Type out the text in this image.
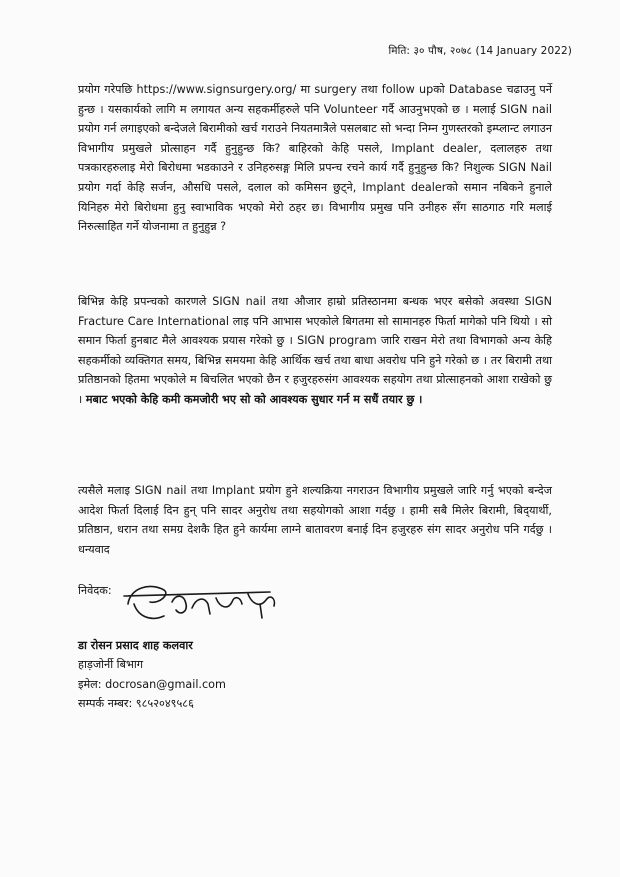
मिति: ३० पौष, २०७८ (14 January 2022)

प्रयोग गरेपछि https://www.signsurgery.org/ मा surgery तथा follow upको Database चढाउनु पर्ने हुन्छ । यसकार्यको लागि म लगायत अन्य सहकर्मीहरुले पनि Volunteer गर्दै आउनुभएको छ । मलाई SIGN nail प्रयोग गर्न लगाइएको बन्देजले बिरामीको खर्च गराउने नियतमात्रैले पसलबाट सो भन्दा निम्न गुणस्तरको इम्प्लान्ट लगाउन विभागीय प्रमुखले प्रोत्साहन गर्दै हुनुहुन्छ कि? बाहिरको केहि पसले, Implant dealer, दलालहरु तथा पत्रकारहरुलाइ मेरो बिरोधमा भडकाउने र उनिहरुसङ्ग मिलि प्रपन्च रचने कार्य गर्दै हुनुहुन्छ कि? निशुल्क SIGN Nail प्रयोग गर्दा केहि सर्जन, औसधि पसले, दलाल को कमिसन छुट्ने, Implant dealerको समान नबिकने हुनाले यिनिहरु मेरो बिरोधमा हुनु स्वाभाविक भएको मेरो ठहर छ। विभागीय प्रमुख पनि उनीहरु सँग साठगाठ गरि मलाई निरुत्साहित गर्ने योजनामा त हुनुहुन्न ?

बिभिन्न केहि प्रपन्चको कारणले SIGN nail तथा औजार हाम्रो प्रतिस्ठानमा बन्धक भएर बसेको अवस्था SIGN Fracture Care International लाइ पनि आभास भएकोले बिगतमा सो सामानहरु फिर्ता मागेको पनि थियो । सो समान फिर्ता हुनबाट मैले आवश्यक प्रयास गरेको छु । SIGN program जारि राखन मेरो तथा विभागको अन्य केहि सहकर्मीको व्यक्तिगत समय, बिभिन्न समयमा केहि आर्थिक खर्च तथा बाधा अवरोध पनि हुने गरेको छ । तर बिरामी तथा प्रतिष्ठानको हितमा भएकोले म बिचलित भएको छैन र हजुरहरुसंग आवश्यक सहयोग तथा प्रोत्साहनको आशा राखेको छु । मबाट भएको केहि कमी कमजोरी भए सो को आवश्यक सुधार गर्न म सधैं तयार छु ।

त्यसैले मलाइ SIGN nail तथा Implant प्रयोग हुने शल्यक्रिया नगराउन विभागीय प्रमुखले जारि गर्नु भएको बन्देज आदेश फिर्ता दिलाई दिन हुन् पनि सादर अनुरोध तथा सहयोगको आशा गर्दछु । हामी सबै मिलेर बिरामी, बिद्‍यार्थी, प्रतिष्ठान, धरान तथा समग्र देशकै हित हुने कार्यमा लाग्ने बातावरण बनाई दिन हजुरहरु संग सादर अनुरोध पनि गर्दछु । धन्यवाद

निवेदक:
डा रोसन प्रसाद शाह कलवार
हाड़जोर्नी बिभाग
इमेल: docrosan@gmail.com
सम्पर्क नम्बर: ९८५२०४९५८६
